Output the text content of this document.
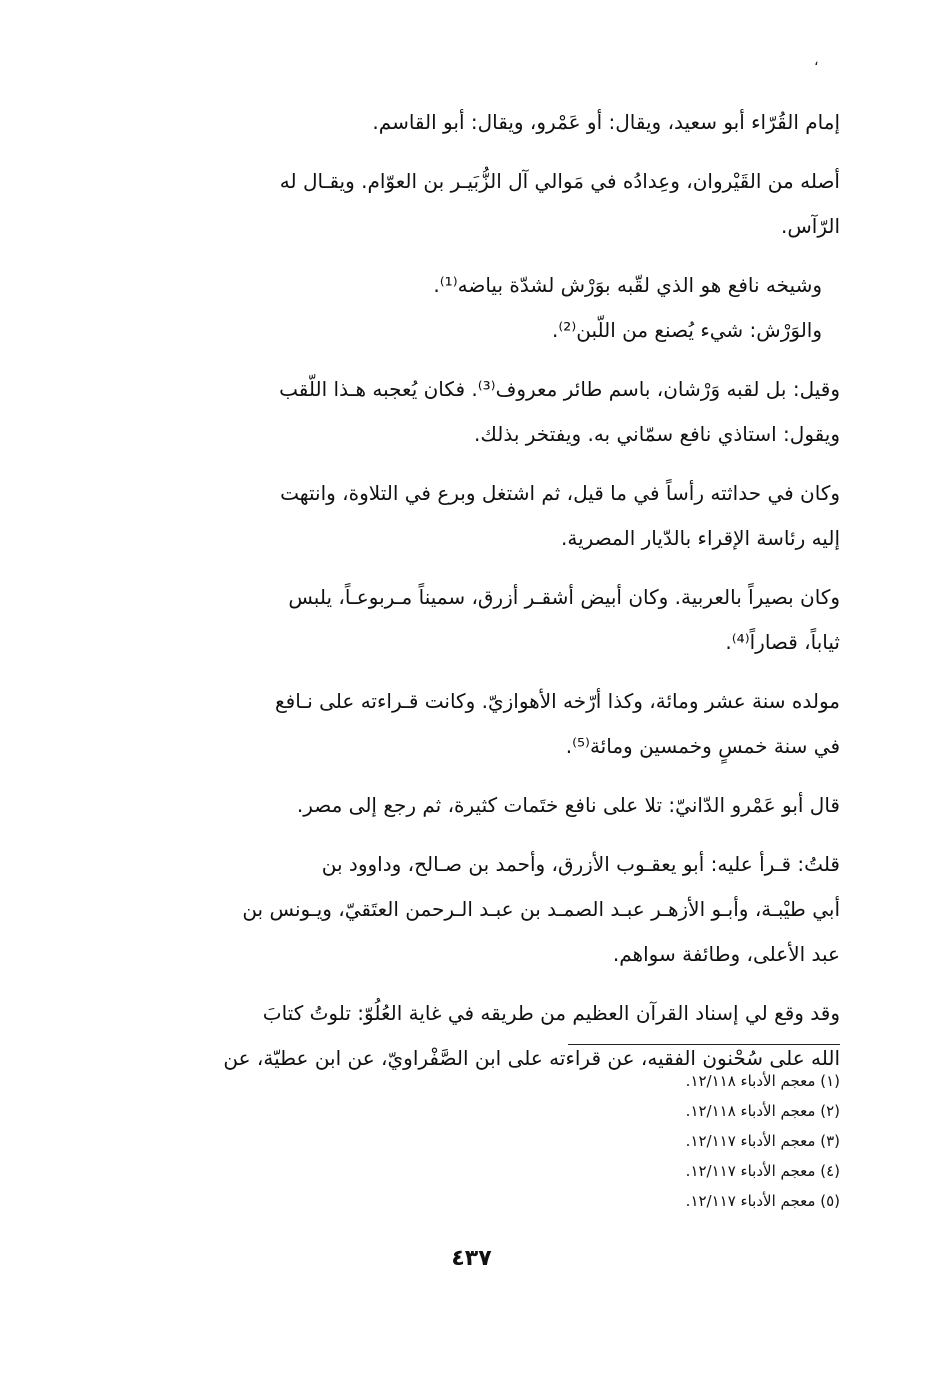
،

إمام القُرّاء أبو سعيد، ويقال: أو عَمْرو، ويقال: أبو القاسم.

أصله من القَيْروان، وعِدادُه في مَوالي آل الزُّبَيـر بن العوّام. ويقـال له
الرّآس.

وشيخه نافع هو الذي لقّبه بوَرْش لشدّة بياضه⁽¹⁾.
والوَرْش: شيء يُصنع من اللّبن⁽²⁾.

وقيل: بل لقبه وَرْشان، باسم طائر معروف⁽³⁾. فكان يُعجبه هـذا اللّقب
ويقول: استاذي نافع سمّاني به. ويفتخر بذلك.

وكان في حداثته رأساً في ما قيل، ثم اشتغل وبرع في التلاوة، وانتهت
إليه رئاسة الإقراء بالدّيار المصرية.

وكان بصيراً بالعربية. وكان أبيض أشقـر أزرق، سميناً مـربوعـاً، يلبس
ثياباً، قصاراً⁽⁴⁾.

مولده سنة عشر ومائة، وكذا أرّخه الأهوازيّ. وكانت قـراءته على نـافع
في سنة خمسٍ وخمسين ومائة⁽⁵⁾.

قال أبو عَمْرو الدّانيّ: تلا على نافع ختَمات كثيرة، ثم رجع إلى مصر.

قلتُ: قـرأ عليه: أبو يعقـوب الأزرق، وأحمد بن صـالح، وداوود بن
أبي طيْبـة، وأبـو الأزهـر عبـد الصمـد بن عبـد الـرحمن العتَقيّ، ويـونس بن
عبد الأعلى، وطائفة سواهم.

وقد وقع لي إسناد القرآن العظيم من طريقه في غاية العُلُوّ: تلوتُ كتابَ
الله على سُحْنون الفقيه، عن قراءته على ابن الصَّفْراويّ، عن ابن عطيّة، عن

(١) معجم الأدباء ١٢/١١٨.
(٢) معجم الأدباء ١٢/١١٨.
(٣) معجم الأدباء ١٢/١١٧.
(٤) معجم الأدباء ١٢/١١٧.
(٥) معجم الأدباء ١٢/١١٧.
٤٣٧
